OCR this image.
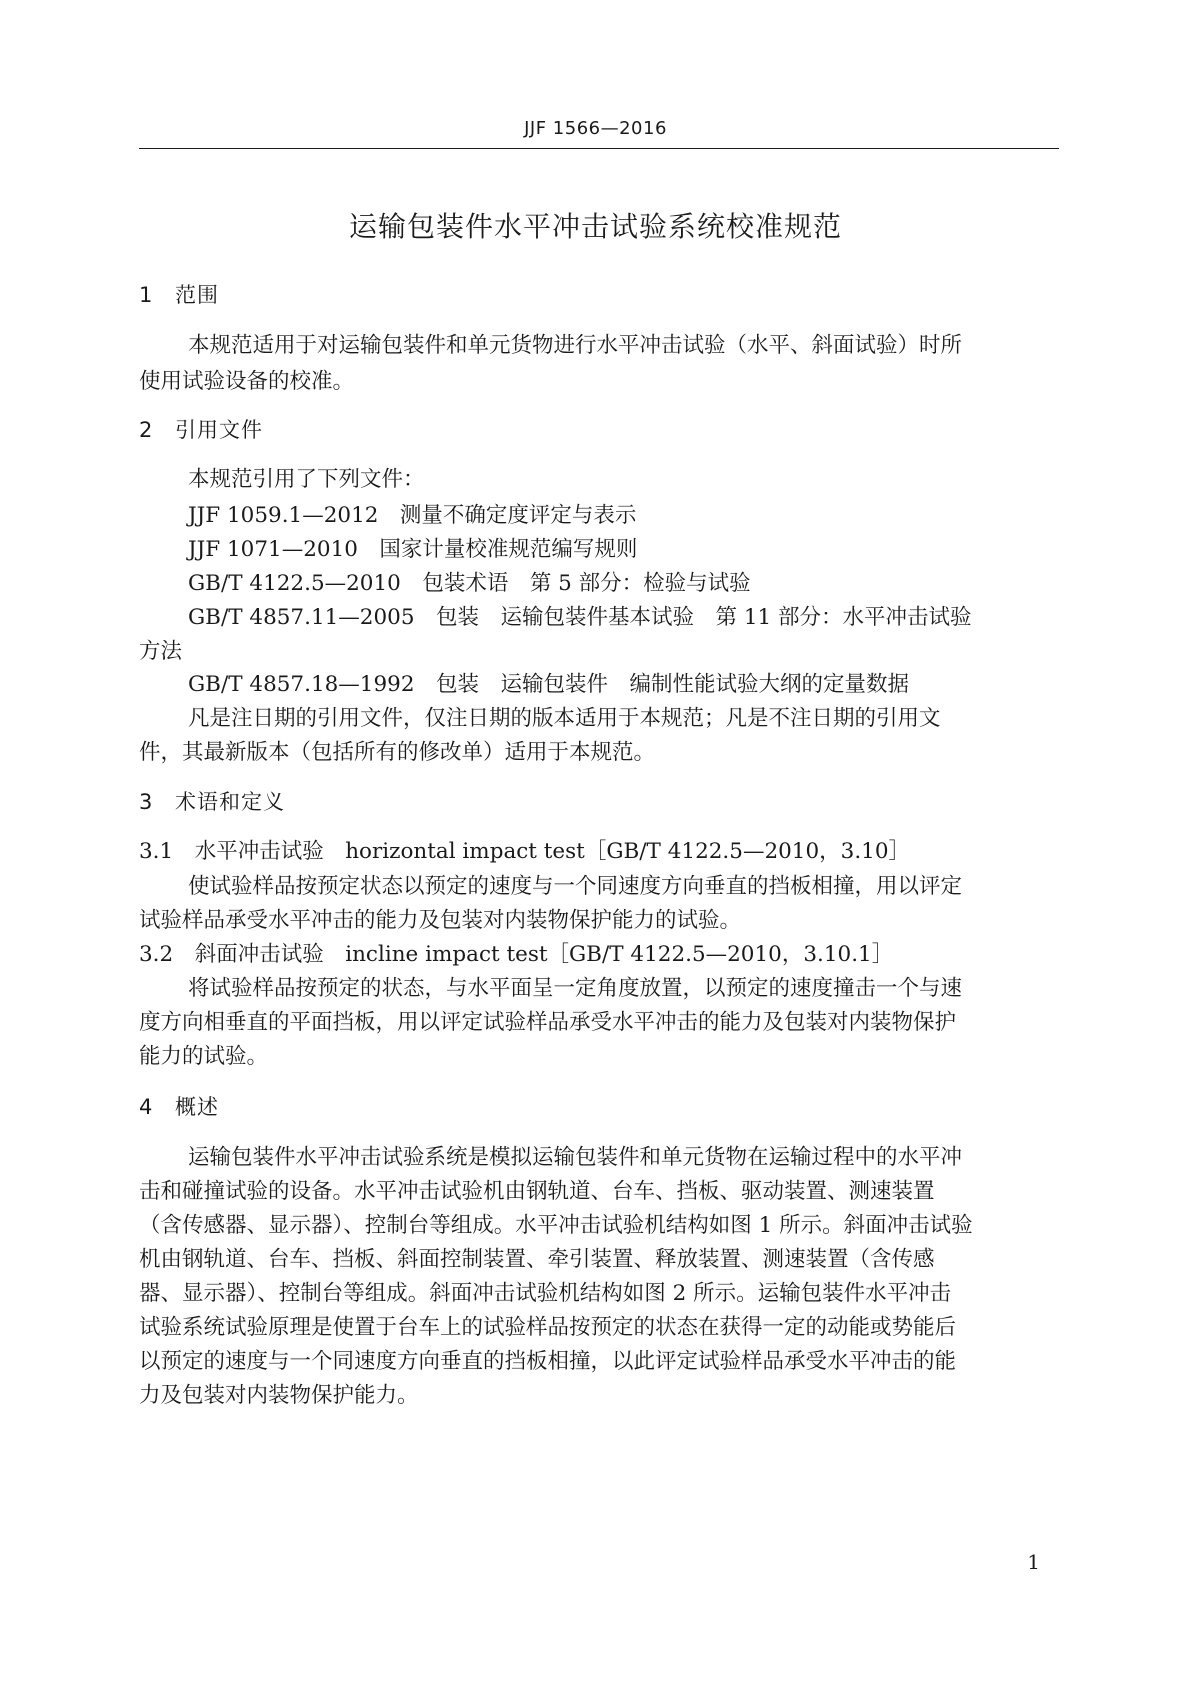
JJF 1566—2016
运输包装件水平冲击试验系统校准规范
1 范围
本规范适用于对运输包装件和单元货物进行水平冲击试验（水平、斜面试验）时所
使用试验设备的校准。
2 引用文件
本规范引用了下列文件：
JJF 1059.1—2012　测量不确定度评定与表示
JJF 1071—2010　国家计量校准规范编写规则
GB/T 4122.5—2010　包装术语　第 5 部分：检验与试验
GB/T 4857.11—2005　包装　运输包装件基本试验　第 11 部分：水平冲击试验
方法
GB/T 4857.18—1992　包装　运输包装件　编制性能试验大纲的定量数据
凡是注日期的引用文件，仅注日期的版本适用于本规范；凡是不注日期的引用文
件，其最新版本（包括所有的修改单）适用于本规范。
3 术语和定义
3.1　水平冲击试验　horizontal impact test［GB/T 4122.5—2010，3.10］
使试验样品按预定状态以预定的速度与一个同速度方向垂直的挡板相撞，用以评定
试验样品承受水平冲击的能力及包装对内装物保护能力的试验。
3.2　斜面冲击试验　incline impact test［GB/T 4122.5—2010，3.10.1］
将试验样品按预定的状态，与水平面呈一定角度放置，以预定的速度撞击一个与速
度方向相垂直的平面挡板，用以评定试验样品承受水平冲击的能力及包装对内装物保护
能力的试验。
4 概述
运输包装件水平冲击试验系统是模拟运输包装件和单元货物在运输过程中的水平冲
击和碰撞试验的设备。水平冲击试验机由钢轨道、台车、挡板、驱动装置、测速装置
（含传感器、显示器）、控制台等组成。水平冲击试验机结构如图 1 所示。斜面冲击试验
机由钢轨道、台车、挡板、斜面控制装置、牵引装置、释放装置、测速装置（含传感
器、显示器）、控制台等组成。斜面冲击试验机结构如图 2 所示。运输包装件水平冲击
试验系统试验原理是使置于台车上的试验样品按预定的状态在获得一定的动能或势能后
以预定的速度与一个同速度方向垂直的挡板相撞，以此评定试验样品承受水平冲击的能
力及包装对内装物保护能力。
1
